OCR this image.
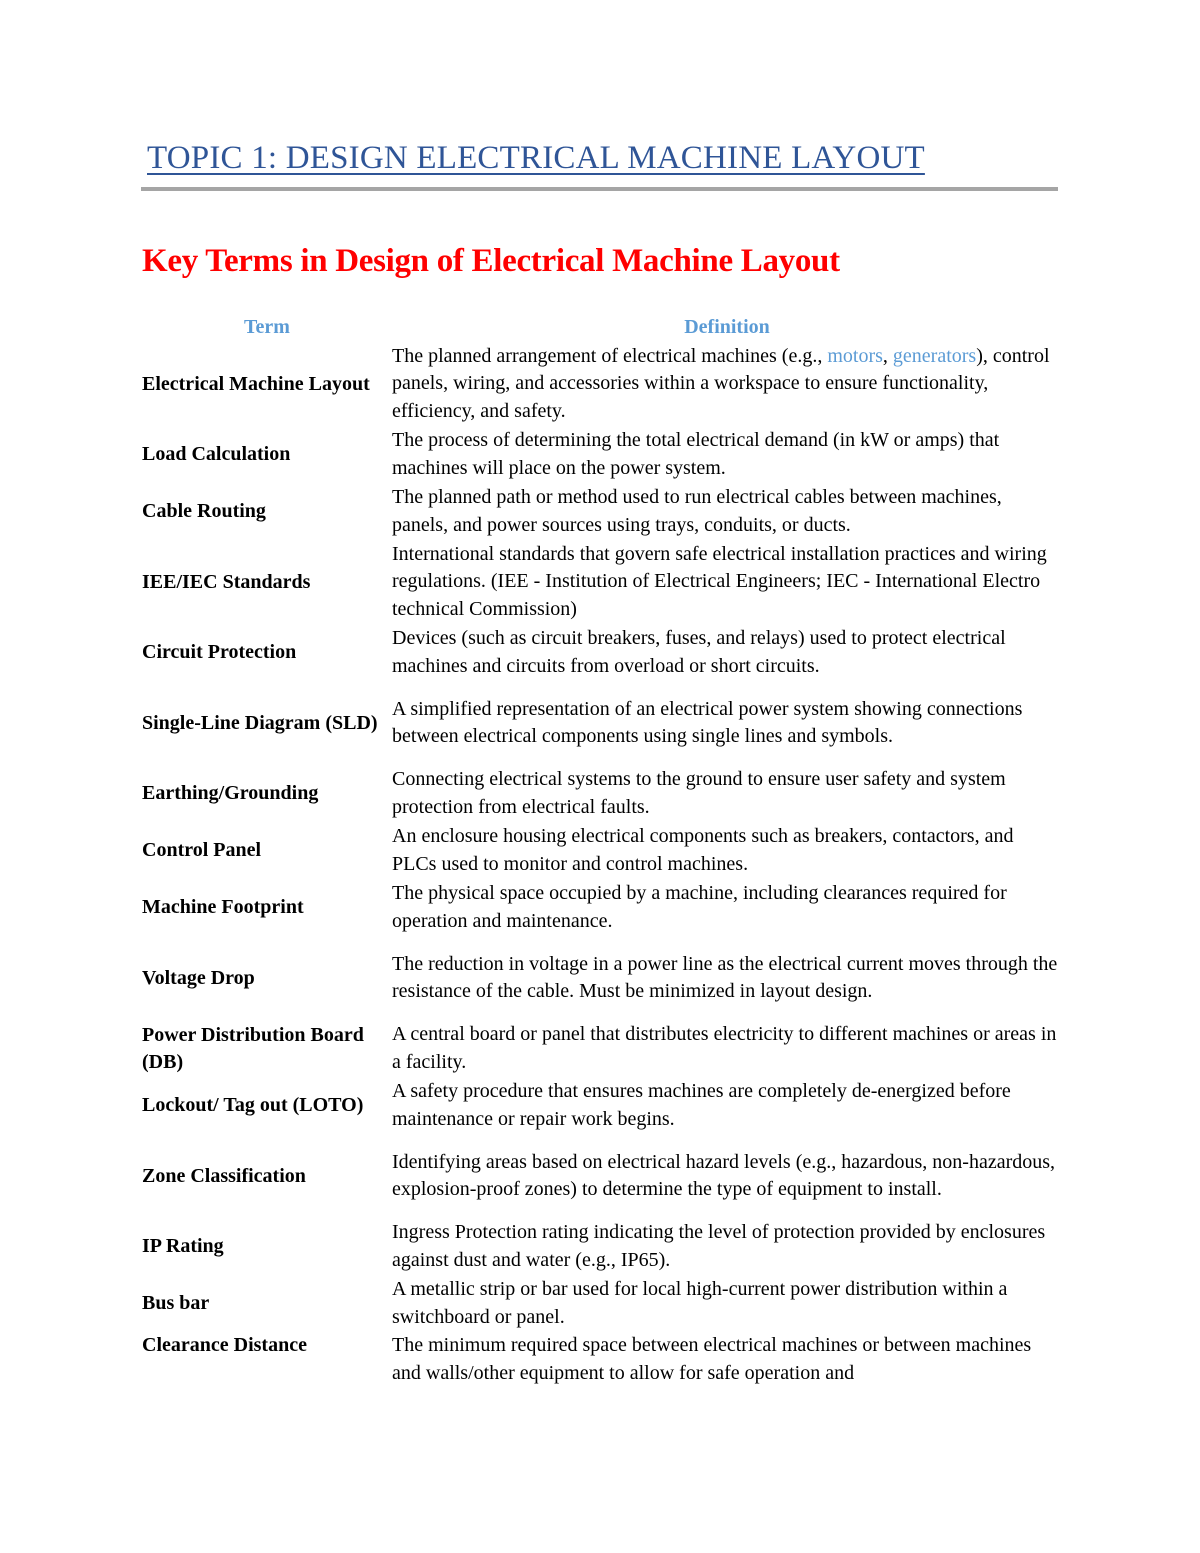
TOPIC 1: DESIGN ELECTRICAL MACHINE LAYOUT
Key Terms in Design of Electrical Machine Layout
Term	Definition
Electrical Machine Layout
The planned arrangement of electrical machines (e.g., motors, generators), control panels, wiring, and accessories within a workspace to ensure functionality, efficiency, and safety.
Load Calculation
The process of determining the total electrical demand (in kW or amps) that machines will place on the power system.
Cable Routing
The planned path or method used to run electrical cables between machines, panels, and power sources using trays, conduits, or ducts.
IEE/IEC Standards
International standards that govern safe electrical installation practices and wiring regulations. (IEE - Institution of Electrical Engineers; IEC - International Electro technical Commission)
Circuit Protection
Devices (such as circuit breakers, fuses, and relays) used to protect electrical machines and circuits from overload or short circuits.
Single-Line Diagram (SLD)
A simplified representation of an electrical power system showing connections between electrical components using single lines and symbols.
Earthing/Grounding
Connecting electrical systems to the ground to ensure user safety and system protection from electrical faults.
Control Panel
An enclosure housing electrical components such as breakers, contactors, and PLCs used to monitor and control machines.
Machine Footprint
The physical space occupied by a machine, including clearances required for operation and maintenance.
Voltage Drop
The reduction in voltage in a power line as the electrical current moves through the resistance of the cable. Must be minimized in layout design.
Power Distribution Board (DB)
A central board or panel that distributes electricity to different machines or areas in a facility.
Lockout/ Tag out (LOTO)
A safety procedure that ensures machines are completely de-energized before maintenance or repair work begins.
Zone Classification
Identifying areas based on electrical hazard levels (e.g., hazardous, non-hazardous, explosion-proof zones) to determine the type of equipment to install.
IP Rating
Ingress Protection rating indicating the level of protection provided by enclosures against dust and water (e.g., IP65).
Bus bar
A metallic strip or bar used for local high-current power distribution within a switchboard or panel.
Clearance Distance	The minimum required space between electrical machines or between machines and walls/other equipment to allow for safe operation and
